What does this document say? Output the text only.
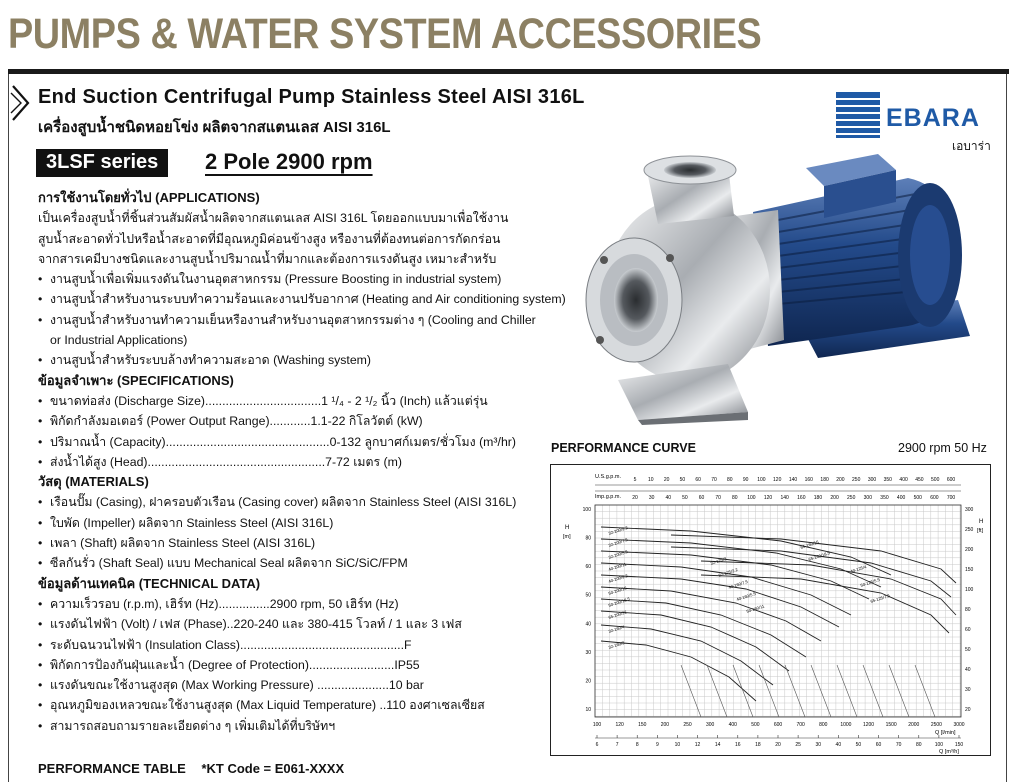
PUMPS & WATER SYSTEM ACCESSORIES
End Suction Centrifugal Pump Stainless Steel AISI 316L
เครื่องสูบน้ำชนิดหอยโข่ง ผลิตจากสแตนเลส AISI 316L
3LSF series	2 Pole 2900 rpm
การใช้งานโดยทั่วไป (APPLICATIONS)
เป็นเครื่องสูบน้ำที่ชิ้นส่วนสัมผัสน้ำผลิตจากสแตนเลส AISI 316L โดยออกแบบมาเพื่อใช้งาน
สูบน้ำสะอาดทั่วไปหรือน้ำสะอาดที่มีอุณหภูมิค่อนข้างสูง หรืองานที่ต้องทนต่อการกัดกร่อน
จากสารเคมีบางชนิดและงานสูบน้ำปริมาณน้ำที่มากและต้องการแรงดันสูง เหมาะสำหรับ
• งานสูบน้ำเพื่อเพิ่มแรงดันในงานอุตสาหกรรม (Pressure Boosting in industrial system)
• งานสูบน้ำสำหรับงานระบบทำความร้อนและงานปรับอากาศ (Heating and Air conditioning system)
• งานสูบน้ำสำหรับงานทำความเย็นหรืองานสำหรับงานอุตสาหกรรมต่าง ๆ (Cooling and Chiller
or Industrial Applications)
• งานสูบน้ำสำหรับระบบล้างทำความสะอาด (Washing system)
ข้อมูลจำเพาะ (SPECIFICATIONS)
• ขนาดท่อส่ง (Discharge Size)..................................1 ¹/₄ - 2 ¹/₂ นิ้ว (Inch) แล้วแต่รุ่น
• พิกัดกำลังมอเตอร์ (Power Output Range)............1.1-22 กิโลวัตต์ (kW)
• ปริมาณน้ำ (Capacity)................................................0-132 ลูกบาศก์เมตร/ชั่วโมง (m³/hr)
• ส่งน้ำได้สูง (Head)....................................................7-72 เมตร (m)
วัสดุ (MATERIALS)
• เรือนปั๊ม (Casing), ฝาครอบตัวเรือน (Casing cover) ผลิตจาก Stainless Steel (AISI 316L)
• ใบพัด (Impeller) ผลิตจาก Stainless Steel (AISI 316L)
• เพลา (Shaft) ผลิตจาก Stainless Steel (AISI 316L)
• ซีลกันรั่ว (Shaft Seal) แบบ Mechanical Seal ผลิตจาก SiC/SiC/FPM
ข้อมูลด้านเทคนิค (TECHNICAL DATA)
• ความเร็วรอบ (r.p.m), เฮิร์ท (Hz)...............2900 rpm, 50 เฮิร์ท (Hz)
• แรงดันไฟฟ้า (Volt) / เฟส (Phase)..220-240 และ 380-415 โวลท์ / 1 และ 3 เฟส
• ระดับฉนวนไฟฟ้า (Insulation Class)................................................F
• พิกัดการป้องกันฝุ่นและน้ำ (Degree of Protection).........................IP55
• แรงดันขณะใช้งานสูงสุด (Max Working Pressure) .....................10 bar
• อุณหภูมิของเหลวขณะใช้งานสูงสุด (Max Liquid Temperature) ..110 องศาเซลเซียส
• สามารถสอบถามรายละเอียดต่าง ๆ เพิ่มเติมได้ที่บริษัทฯ
EBARA
เอบาร่า
PERFORMANCE CURVE	2900 rpm 50 Hz
U.S.g.p.m.
Imp.g.p.m.
5 10 20 50 60 70 80 90 100 120 140 160 180 200 250 300 350 400 450 500 600
20 30 40 50 60 70 80 100 120 140 160 180 200 250 300 350 400 500 600 700
H
[m]
100
80
60
50
40
30
20
10
H
[ft]
300
250
200
150
100
80
60
50
40
30
20
100	120	150	200	250	300	400	500	600	700	800	1000 1200 1500 2000 2500 3000
Q [l/min]
6	7	8	9	10	12	14	16	18	20	25	30	40	50	60	70	80	100 150
Q [m³/h]
32-200/9.2
32-200/7.5
32-200/5.5
40-200/11
40-200/9.2
50-200/15
50-200/18.5
65-200/22
32-160/4
32-160/3
32-125/3
32-125/2.2
40-160/7.5
40-160/5.5
50-160/11
65-160/15
65-160/18.5
40-125/4
50-125/5.5
65-125/7.5
PERFORMANCE TABLE *KT Code = E061-XXXX
